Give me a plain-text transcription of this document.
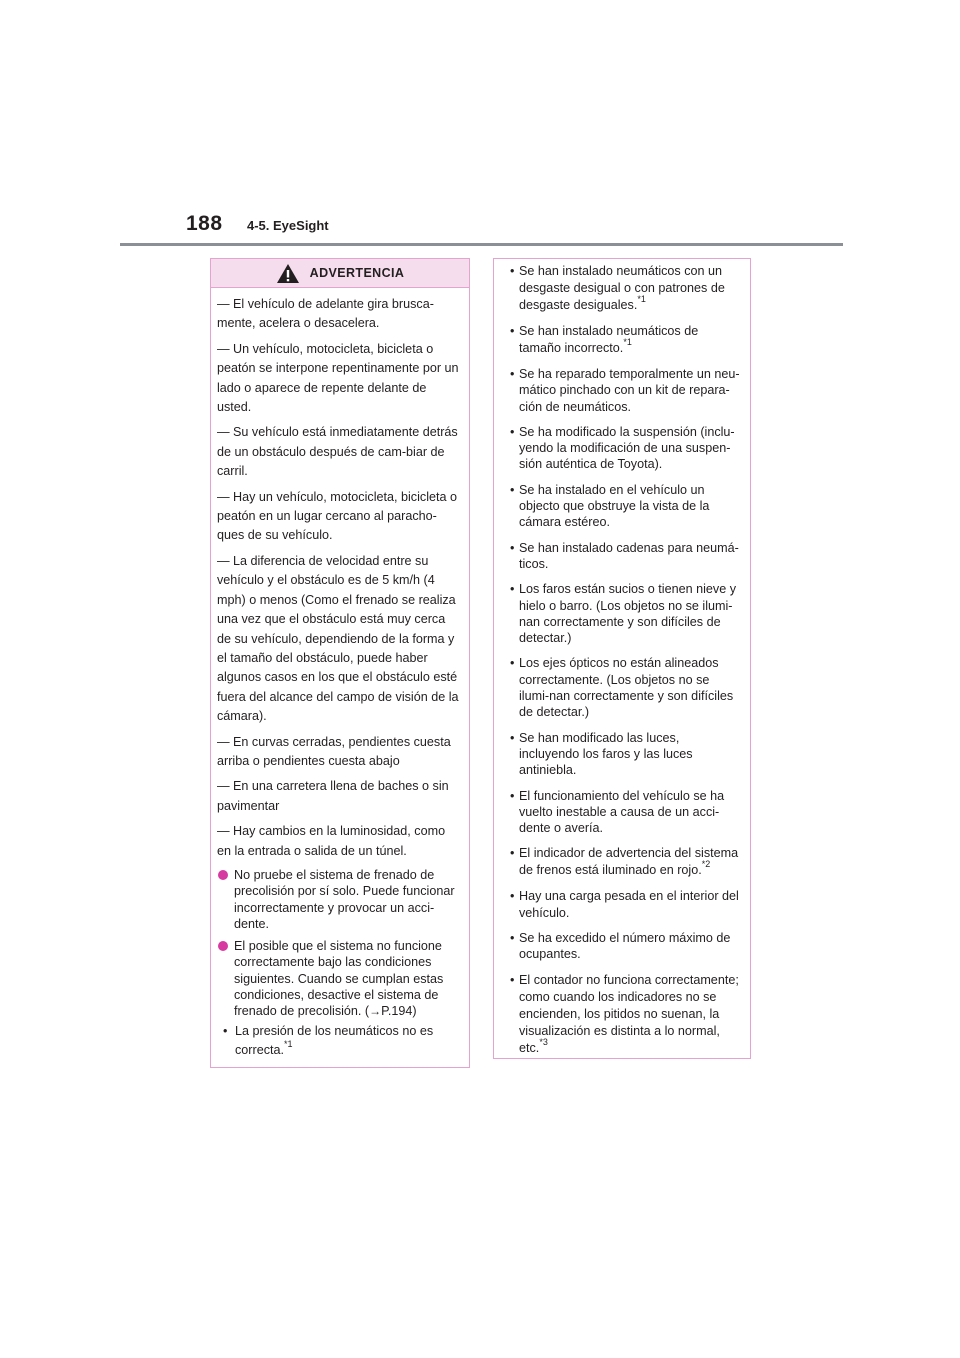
188 4-5. EyeSight
ADVERTENCIA
— El vehículo de adelante gira brusca-mente, acelera o desacelera.
— Un vehículo, motocicleta, bicicleta o peatón se interpone repentinamente por un lado o aparece de repente delante de usted.
— Su vehículo está inmediatamente detrás de un obstáculo después de cam-biar de carril.
— Hay un vehículo, motocicleta, bicicleta o peatón en un lugar cercano al paracho-ques de su vehículo.
— La diferencia de velocidad entre su vehículo y el obstáculo es de 5 km/h (4 mph) o menos (Como el frenado se realiza una vez que el obstáculo está muy cerca de su vehículo, dependiendo de la forma y el tamaño del obstáculo, puede haber algunos casos en los que el obstáculo esté fuera del alcance del campo de visión de la cámara).
— En curvas cerradas, pendientes cuesta arriba o pendientes cuesta abajo
— En una carretera llena de baches o sin pavimentar
— Hay cambios en la luminosidad, como en la entrada o salida de un túnel.
No pruebe el sistema de frenado de precolisión por sí solo. Puede funcionar incorrectamente y provocar un acci-dente.
El posible que el sistema no funcione correctamente bajo las condiciones siguientes. Cuando se cumplan estas condiciones, desactive el sistema de frenado de precolisión. (→P.194)
• La presión de los neumáticos no es correcta.$^{*1}$
• Se han instalado neumáticos con un desgaste desigual o con patrones de desgaste desiguales.$^{*1}$
• Se han instalado neumáticos de tamaño incorrecto.$^{*1}$
• Se ha reparado temporalmente un neu-mático pinchado con un kit de repara-ción de neumáticos.
• Se ha modificado la suspensión (inclu-yendo la modificación de una suspen-sión auténtica de Toyota).
• Se ha instalado en el vehículo un objecto que obstruye la vista de la cámara estéreo.
• Se han instalado cadenas para neumá-ticos.
• Los faros están sucios o tienen nieve y hielo o barro. (Los objetos no se ilumi-nan correctamente y son difíciles de detectar.)
• Los ejes ópticos no están alineados correctamente. (Los objetos no se ilumi-nan correctamente y son difíciles de detectar.)
• Se han modificado las luces, incluyendo los faros y las luces antiniebla.
• El funcionamiento del vehículo se ha vuelto inestable a causa de un acci-dente o avería.
• El indicador de advertencia del sistema de frenos está iluminado en rojo.$^{*2}$
• Hay una carga pesada en el interior del vehículo.
• Se ha excedido el número máximo de ocupantes.
• El contador no funciona correctamente; como cuando los indicadores no se encienden, los pitidos no suenan, la visualización es distinta a lo normal, etc.$^{*3}$
